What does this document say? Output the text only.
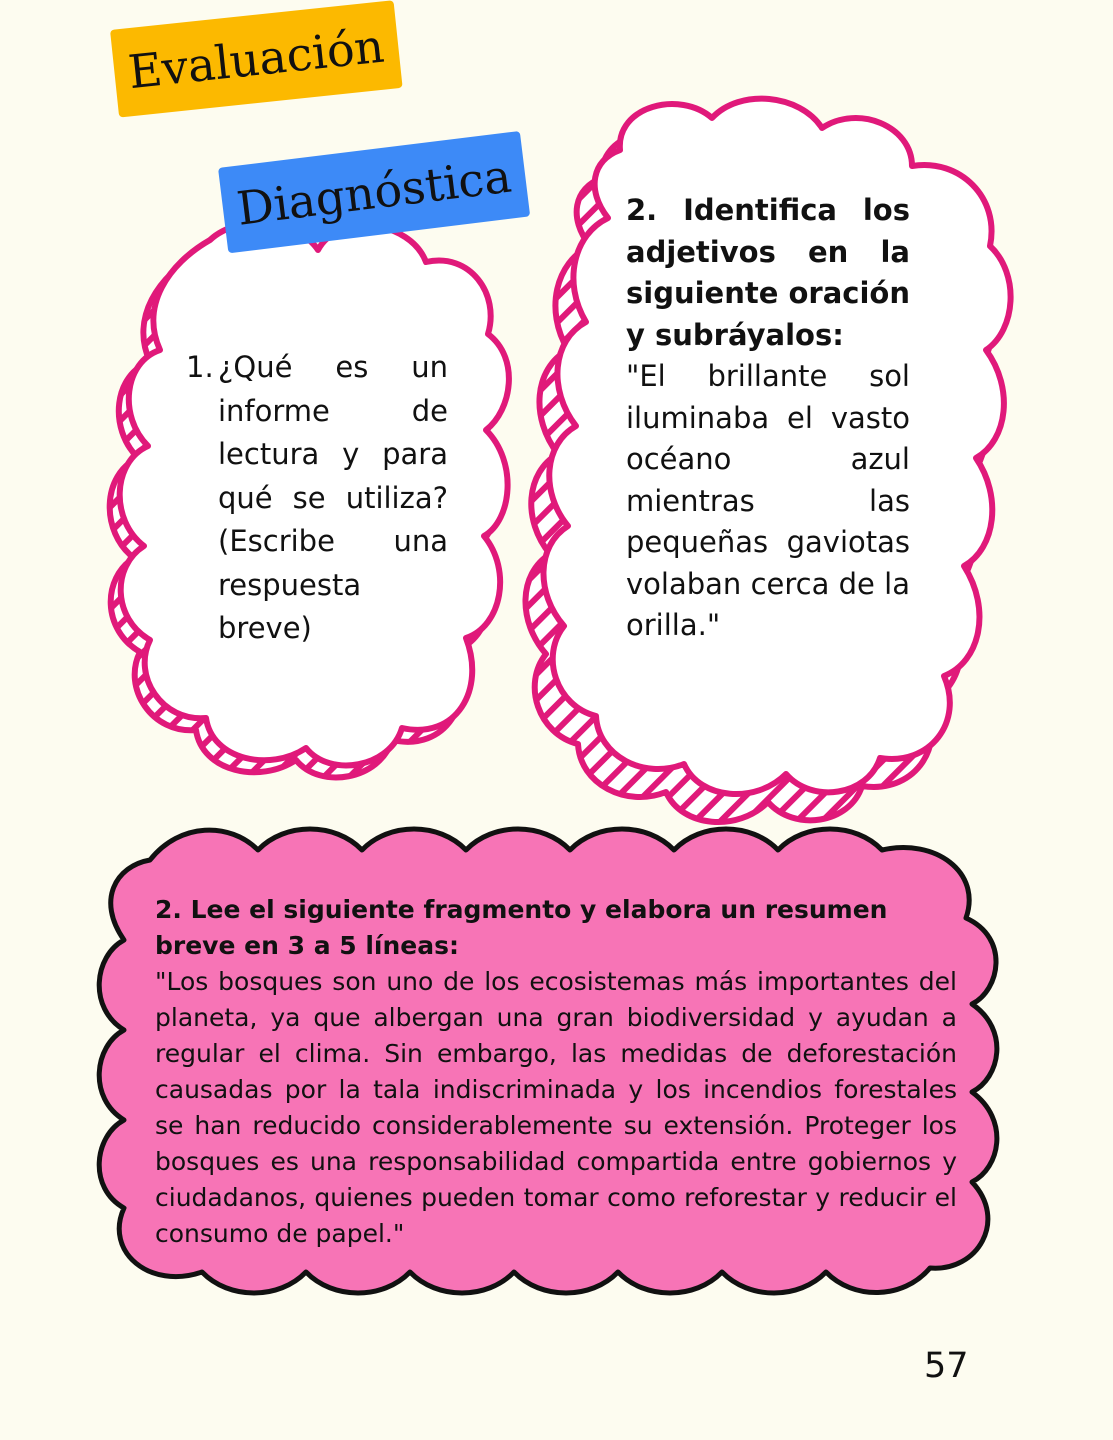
Evaluación
Diagnóstica
1. ¿Qué es un informe de lectura y para qué se utiliza? (Escribe una respuesta breve)
2. Identifica los adjetivos en la siguiente oración y subráyalos:
"El brillante sol iluminaba el vasto océano azul mientras las pequeñas gaviotas volaban cerca de la orilla."
2. Lee el siguiente fragmento y elabora un resumen breve en 3 a 5 líneas:
"Los bosques son uno de los ecosistemas más importantes del planeta, ya que albergan una gran biodiversidad y ayudan a regular el clima. Sin embargo, las medidas de deforestación causadas por la tala indiscriminada y los incendios forestales se han reducido considerablemente su extensión. Proteger los bosques es una responsabilidad compartida entre gobiernos y ciudadanos, quienes pueden tomar como reforestar y reducir el consumo de papel."
57
